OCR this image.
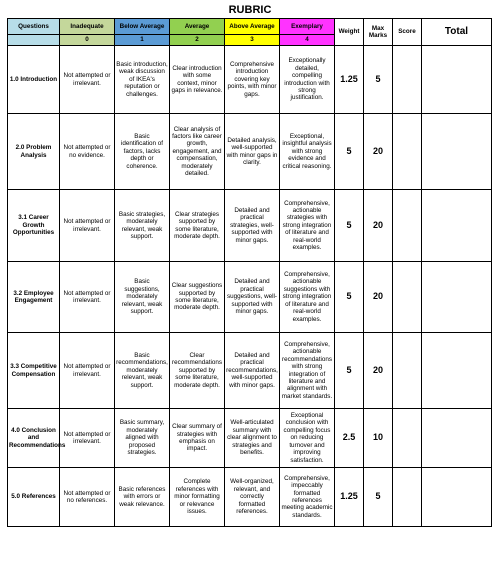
RUBRIC
Questions	Inadequate	Below Average	Average	Above Average	Exemplary	Weight	Max Marks	Score	Total
	0	1	2	3	4				
1.0 Introduction	Not attempted or irrelevant.	Basic introduction, weak discussion of IKEA's reputation or challenges.	Clear introduction with some context, minor gaps in relevance.	Comprehensive introduction covering key points, with minor gaps.	Exceptionally detailed, compelling introduction with strong justification.	1.25	5		
2.0 Problem Analysis	Not attempted or no evidence.	Basic identification of factors, lacks depth or coherence.	Clear analysis of factors like career growth, engagement, and compensation, moderately detailed.	Detailed analysis, well-supported with minor gaps in clarity.	Exceptional, insightful analysis with strong evidence and critical reasoning.	5	20		
3.1 Career Growth Opportunities	Not attempted or irrelevant.	Basic strategies, moderately relevant, weak support.	Clear strategies supported by some literature, moderate depth.	Detailed and practical strategies, well-supported with minor gaps.	Comprehensive, actionable strategies with strong integration of literature and real-world examples.	5	20		
3.2 Employee Engagement	Not attempted or irrelevant.	Basic suggestions, moderately relevant, weak support.	Clear suggestions supported by some literature, moderate depth.	Detailed and practical suggestions, well-supported with minor gaps.	Comprehensive, actionable suggestions with strong integration of literature and real-world examples.	5	20		
3.3 Competitive Compensation	Not attempted or irrelevant.	Basic recommendations, moderately relevant, weak support.	Clear recommendations supported by some literature, moderate depth.	Detailed and practical recommendations, well-supported with minor gaps.	Comprehensive, actionable recommendations with strong integration of literature and alignment with market standards.	5	20		
4.0 Conclusion and Recommendations	Not attempted or irrelevant.	Basic summary, moderately aligned with proposed strategies.	Clear summary of strategies with emphasis on impact.	Well-articulated summary with clear alignment to strategies and benefits.	Exceptional conclusion with compelling focus on reducing turnover and improving satisfaction.	2.5	10		
5.0 References	Not attempted or no references.	Basic references with errors or weak relevance.	Complete references with minor formatting or relevance issues.	Well-organized, relevant, and correctly formatted references.	Comprehensive, impeccably formatted references meeting academic standards.	1.25	5		
